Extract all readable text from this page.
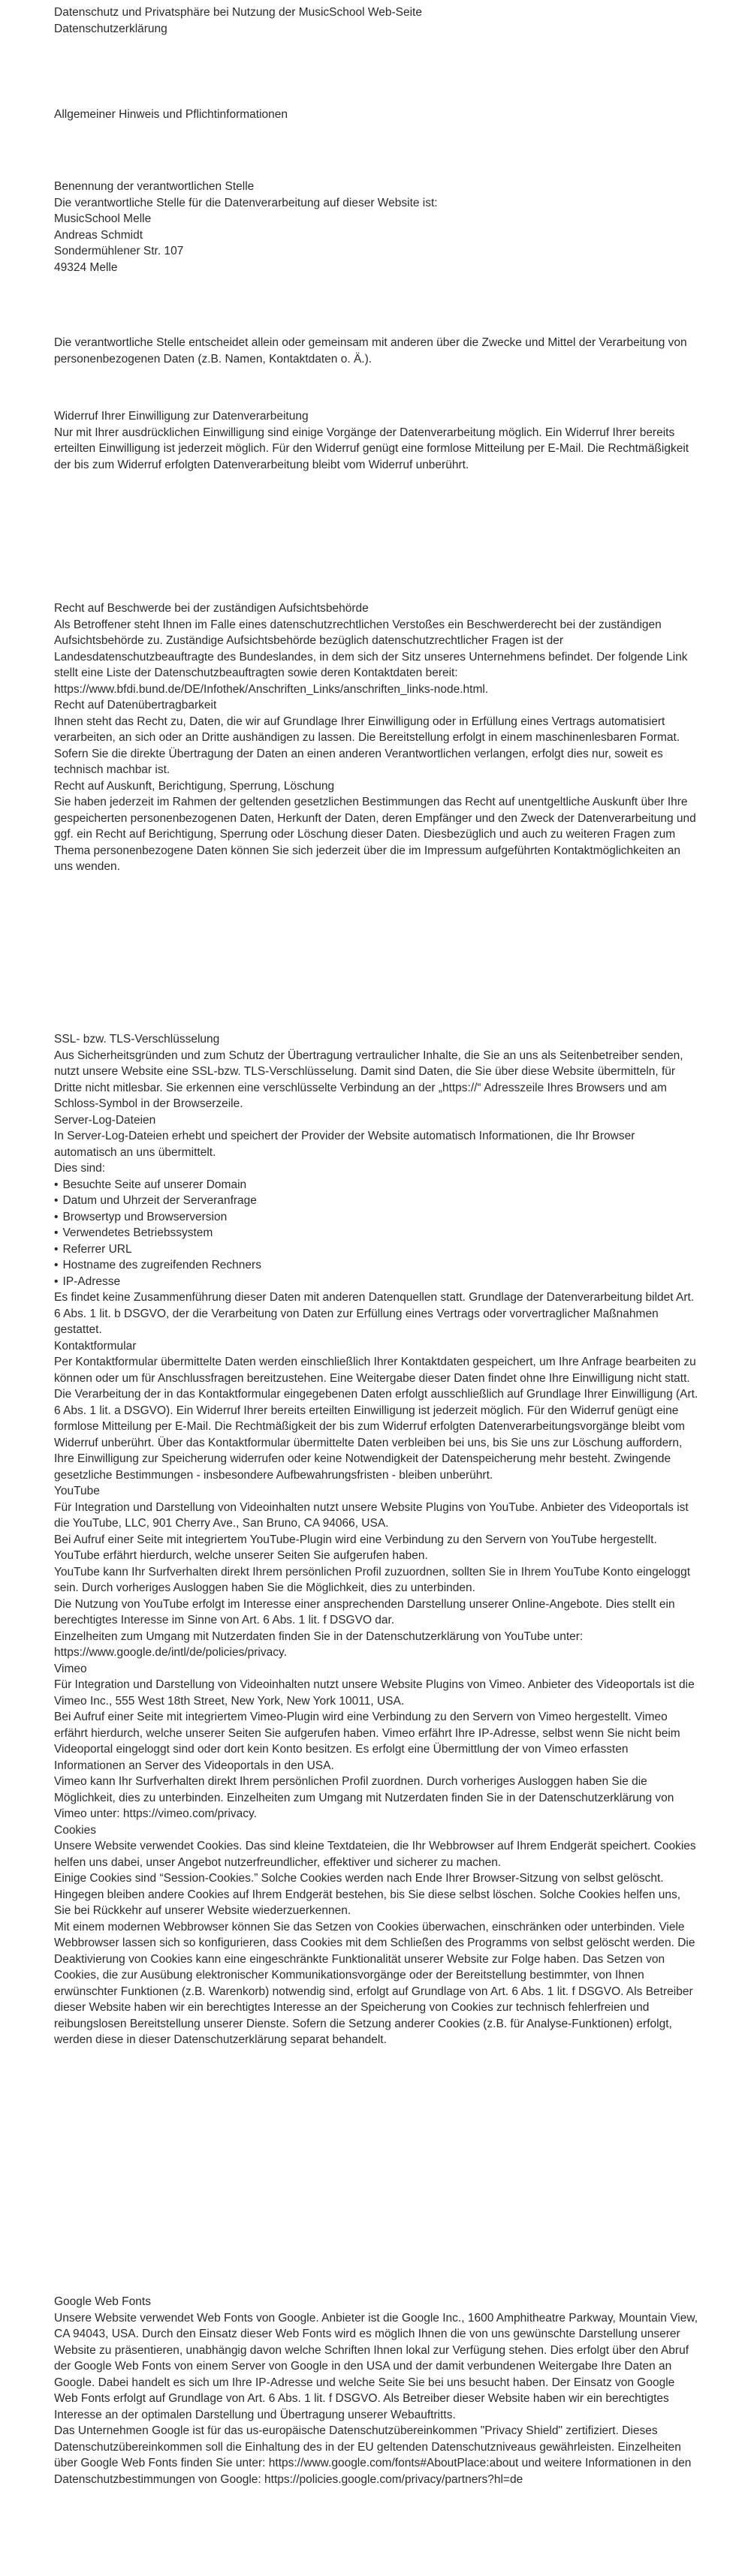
Datenschutz und Privatsphäre bei Nutzung der MusicSchool Web-Seite

Datenschutzerklärung

Allgemeiner Hinweis und Pflichtinformationen

Benennung der verantwortlichen Stelle

Die verantwortliche Stelle für die Datenverarbeitung auf dieser Website ist:

MusicSchool Melle

Andreas Schmidt

Sondermühlener Str. 107

49324 Melle

Die verantwortliche Stelle entscheidet allein oder gemeinsam mit anderen über die Zwecke und Mittel der Verarbeitung von personenbezogenen Daten (z.B. Namen, Kontaktdaten o. Ä.).

Widerruf Ihrer Einwilligung zur Datenverarbeitung

Nur mit Ihrer ausdrücklichen Einwilligung sind einige Vorgänge der Datenverarbeitung möglich. Ein Widerruf Ihrer bereits erteilten Einwilligung ist jederzeit möglich. Für den Widerruf genügt eine formlose Mitteilung per E-Mail. Die Rechtmäßigkeit der bis zum Widerruf erfolgten Datenverarbeitung bleibt vom Widerruf unberührt.

Recht auf Beschwerde bei der zuständigen Aufsichtsbehörde

Als Betroffener steht Ihnen im Falle eines datenschutzrechtlichen Verstoßes ein Beschwerderecht bei der zuständigen Aufsichtsbehörde zu. Zuständige Aufsichtsbehörde bezüglich datenschutzrechtlicher Fragen ist der Landesdatenschutzbeauftragte des Bundeslandes, in dem sich der Sitz unseres Unternehmens befindet. Der folgende Link stellt eine Liste der Datenschutzbeauftragten sowie deren Kontaktdaten bereit: https://www.bfdi.bund.de/DE/Infothek/Anschriften_Links/anschriften_links-node.html.

Recht auf Datenübertragbarkeit

Ihnen steht das Recht zu, Daten, die wir auf Grundlage Ihrer Einwilligung oder in Erfüllung eines Vertrags automatisiert verarbeiten, an sich oder an Dritte aushändigen zu lassen. Die Bereitstellung erfolgt in einem maschinenlesbaren Format. Sofern Sie die direkte Übertragung der Daten an einen anderen Verantwortlichen verlangen, erfolgt dies nur, soweit es technisch machbar ist.

Recht auf Auskunft, Berichtigung, Sperrung, Löschung

Sie haben jederzeit im Rahmen der geltenden gesetzlichen Bestimmungen das Recht auf unentgeltliche Auskunft über Ihre gespeicherten personenbezogenen Daten, Herkunft der Daten, deren Empfänger und den Zweck der Datenverarbeitung und ggf. ein Recht auf Berichtigung, Sperrung oder Löschung dieser Daten. Diesbezüglich und auch zu weiteren Fragen zum Thema personenbezogene Daten können Sie sich jederzeit über die im Impressum aufgeführten Kontaktmöglichkeiten an uns wenden.

SSL- bzw. TLS-Verschlüsselung

Aus Sicherheitsgründen und zum Schutz der Übertragung vertraulicher Inhalte, die Sie an uns als Seitenbetreiber senden, nutzt unsere Website eine SSL-bzw. TLS-Verschlüsselung. Damit sind Daten, die Sie über diese Website übermitteln, für Dritte nicht mitlesbar. Sie erkennen eine verschlüsselte Verbindung an der „https://“ Adresszeile Ihres Browsers und am Schloss-Symbol in der Browserzeile.

Server-Log-Dateien

In Server-Log-Dateien erhebt und speichert der Provider der Website automatisch Informationen, die Ihr Browser automatisch an uns übermittelt.

Dies sind:

• Besuchte Seite auf unserer Domain
• Datum und Uhrzeit der Serveranfrage
• Browsertyp und Browserversion
• Verwendetes Betriebssystem
• Referrer URL
• Hostname des zugreifenden Rechners
• IP-Adresse

Es findet keine Zusammenführung dieser Daten mit anderen Datenquellen statt. Grundlage der Datenverarbeitung bildet Art. 6 Abs. 1 lit. b DSGVO, der die Verarbeitung von Daten zur Erfüllung eines Vertrags oder vorvertraglicher Maßnahmen gestattet.

Kontaktformular

Per Kontaktformular übermittelte Daten werden einschließlich Ihrer Kontaktdaten gespeichert, um Ihre Anfrage bearbeiten zu können oder um für Anschlussfragen bereitzustehen. Eine Weitergabe dieser Daten findet ohne Ihre Einwilligung nicht statt. Die Verarbeitung der in das Kontaktformular eingegebenen Daten erfolgt ausschließlich auf Grundlage Ihrer Einwilligung (Art. 6 Abs. 1 lit. a DSGVO). Ein Widerruf Ihrer bereits erteilten Einwilligung ist jederzeit möglich. Für den Widerruf genügt eine formlose Mitteilung per E-Mail. Die Rechtmäßigkeit der bis zum Widerruf erfolgten Datenverarbeitungsvorgänge bleibt vom Widerruf unberührt. Über das Kontaktformular übermittelte Daten verbleiben bei uns, bis Sie uns zur Löschung auffordern, Ihre Einwilligung zur Speicherung widerrufen oder keine Notwendigkeit der Datenspeicherung mehr besteht. Zwingende gesetzliche Bestimmungen - insbesondere Aufbewahrungsfristen - bleiben unberührt.

YouTube

Für Integration und Darstellung von Videoinhalten nutzt unsere Website Plugins von YouTube. Anbieter des Videoportals ist die YouTube, LLC, 901 Cherry Ave., San Bruno, CA 94066, USA.

Bei Aufruf einer Seite mit integriertem YouTube-Plugin wird eine Verbindung zu den Servern von YouTube hergestellt. YouTube erfährt hierdurch, welche unserer Seiten Sie aufgerufen haben.

YouTube kann Ihr Surfverhalten direkt Ihrem persönlichen Profil zuzuordnen, sollten Sie in Ihrem YouTube Konto eingeloggt sein. Durch vorheriges Ausloggen haben Sie die Möglichkeit, dies zu unterbinden.

Die Nutzung von YouTube erfolgt im Interesse einer ansprechenden Darstellung unserer Online-Angebote. Dies stellt ein berechtigtes Interesse im Sinne von Art. 6 Abs. 1 lit. f DSGVO dar.

Einzelheiten zum Umgang mit Nutzerdaten finden Sie in der Datenschutzerklärung von YouTube unter: https://www.google.de/intl/de/policies/privacy.

Vimeo

Für Integration und Darstellung von Videoinhalten nutzt unsere Website Plugins von Vimeo. Anbieter des Videoportals ist die Vimeo Inc., 555 West 18th Street, New York, New York 10011, USA.

Bei Aufruf einer Seite mit integriertem Vimeo-Plugin wird eine Verbindung zu den Servern von Vimeo hergestellt. Vimeo erfährt hierdurch, welche unserer Seiten Sie aufgerufen haben. Vimeo erfährt Ihre IP-Adresse, selbst wenn Sie nicht beim Videoportal eingeloggt sind oder dort kein Konto besitzen. Es erfolgt eine Übermittlung der von Vimeo erfassten Informationen an Server des Videoportals in den USA.

Vimeo kann Ihr Surfverhalten direkt Ihrem persönlichen Profil zuordnen. Durch vorheriges Ausloggen haben Sie die Möglichkeit, dies zu unterbinden. Einzelheiten zum Umgang mit Nutzerdaten finden Sie in der Datenschutzerklärung von Vimeo unter: https://vimeo.com/privacy.

Cookies

Unsere Website verwendet Cookies. Das sind kleine Textdateien, die Ihr Webbrowser auf Ihrem Endgerät speichert. Cookies helfen uns dabei, unser Angebot nutzerfreundlicher, effektiver und sicherer zu machen.

Einige Cookies sind “Session-Cookies.” Solche Cookies werden nach Ende Ihrer Browser-Sitzung von selbst gelöscht. Hingegen bleiben andere Cookies auf Ihrem Endgerät bestehen, bis Sie diese selbst löschen. Solche Cookies helfen uns, Sie bei Rückkehr auf unserer Website wiederzuerkennen.

Mit einem modernen Webbrowser können Sie das Setzen von Cookies überwachen, einschränken oder unterbinden. Viele Webbrowser lassen sich so konfigurieren, dass Cookies mit dem Schließen des Programms von selbst gelöscht werden. Die Deaktivierung von Cookies kann eine eingeschränkte Funktionalität unserer Website zur Folge haben. Das Setzen von Cookies, die zur Ausübung elektronischer Kommunikationsvorgänge oder der Bereitstellung bestimmter, von Ihnen erwünschter Funktionen (z.B. Warenkorb) notwendig sind, erfolgt auf Grundlage von Art. 6 Abs. 1 lit. f DSGVO. Als Betreiber dieser Website haben wir ein berechtigtes Interesse an der Speicherung von Cookies zur technisch fehlerfreien und reibungslosen Bereitstellung unserer Dienste. Sofern die Setzung anderer Cookies (z.B. für Analyse-Funktionen) erfolgt, werden diese in dieser Datenschutzerklärung separat behandelt.

Google Web Fonts

Unsere Website verwendet Web Fonts von Google. Anbieter ist die Google Inc., 1600 Amphitheatre Parkway, Mountain View, CA 94043, USA. Durch den Einsatz dieser Web Fonts wird es möglich Ihnen die von uns gewünschte Darstellung unserer Website zu präsentieren, unabhängig davon welche Schriften Ihnen lokal zur Verfügung stehen. Dies erfolgt über den Abruf der Google Web Fonts von einem Server von Google in den USA und der damit verbundenen Weitergabe Ihre Daten an Google. Dabei handelt es sich um Ihre IP-Adresse und welche Seite Sie bei uns besucht haben. Der Einsatz von Google Web Fonts erfolgt auf Grundlage von Art. 6 Abs. 1 lit. f DSGVO. Als Betreiber dieser Website haben wir ein berechtigtes Interesse an der optimalen Darstellung und Übertragung unserer Webauftritts.

Das Unternehmen Google ist für das us-europäische Datenschutzübereinkommen "Privacy Shield" zertifiziert. Dieses Datenschutzübereinkommen soll die Einhaltung des in der EU geltenden Datenschutzniveaus gewährleisten. Einzelheiten über Google Web Fonts finden Sie unter: https://www.google.com/fonts#AboutPlace:about und weitere Informationen in den Datenschutzbestimmungen von Google: https://policies.google.com/privacy/partners?hl=de
